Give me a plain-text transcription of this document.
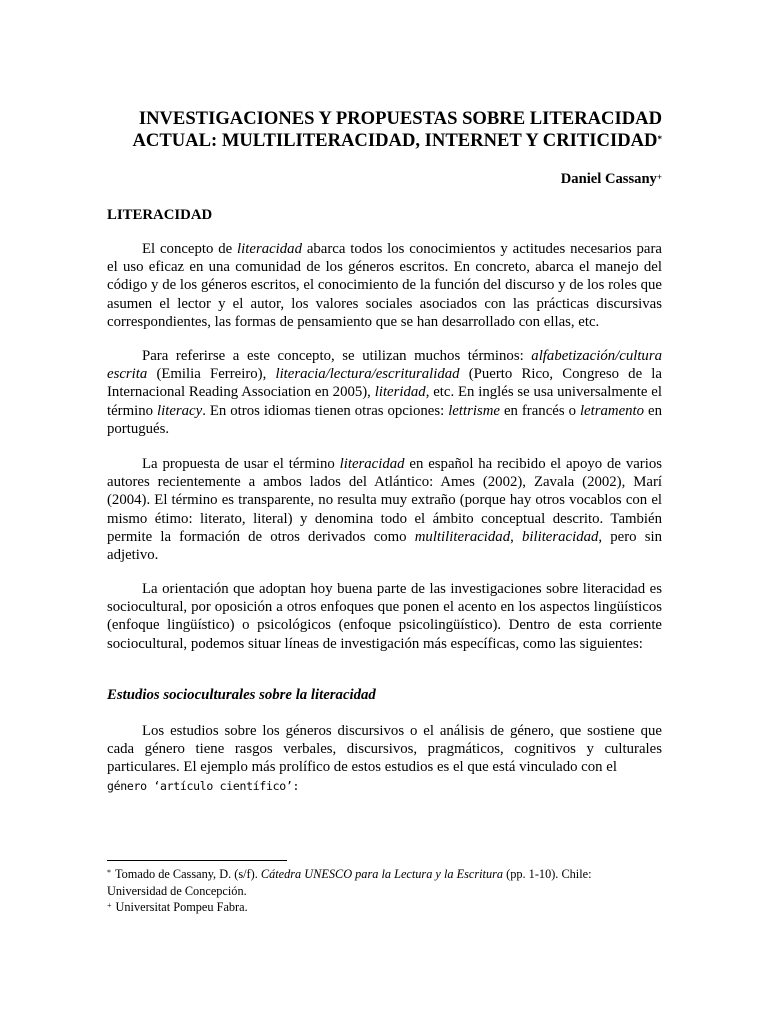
INVESTIGACIONES Y PROPUESTAS SOBRE LITERACIDAD
ACTUAL: MULTILITERACIDAD, INTERNET Y CRITICIDAD*
Daniel Cassany+
LITERACIDAD

El concepto de literacidad abarca todos los conocimientos y actitudes necesarios para el uso eficaz en una comunidad de los géneros escritos. En concreto, abarca el manejo del código y de los géneros escritos, el conocimiento de la función del discurso y de los roles que asumen el lector y el autor, los valores sociales asociados con las prácticas discursivas correspondientes, las formas de pensamiento que se han desarrollado con ellas, etc.

Para referirse a este concepto, se utilizan muchos términos: alfabetización/cultura escrita (Emilia Ferreiro), literacia/lectura/escrituralidad (Puerto Rico, Congreso de la Internacional Reading Association en 2005), literidad, etc. En inglés se usa universalmente el término literacy. En otros idiomas tienen otras opciones: lettrisme en francés o letramento en portugués.

La propuesta de usar el término literacidad en español ha recibido el apoyo de varios autores recientemente a ambos lados del Atlántico: Ames (2002), Zavala (2002), Marí (2004). El término es transparente, no resulta muy extraño (porque hay otros vocablos con el mismo étimo: literato, literal) y denomina todo el ámbito conceptual descrito. También permite la formación de otros derivados como multiliteracidad, biliteracidad, pero sin adjetivo.

La orientación que adoptan hoy buena parte de las investigaciones sobre literacidad es sociocultural, por oposición a otros enfoques que ponen el acento en los aspectos lingüísticos (enfoque lingüístico) o psicológicos (enfoque psicolingüístico). Dentro de esta corriente sociocultural, podemos situar líneas de investigación más específicas, como las siguientes:

Estudios socioculturales sobre la literacidad

Los estudios sobre los géneros discursivos o el análisis de género, que sostiene que cada género tiene rasgos verbales, discursivos, pragmáticos, cognitivos y culturales particulares. El ejemplo más prolífico de estos estudios es el que está vinculado con el
género ‘artículo científico’:

* Tomado de Cassany, D. (s/f). Cátedra UNESCO para la Lectura y la Escritura (pp. 1-10). Chile:
Universidad de Concepción.
+ Universitat Pompeu Fabra.
